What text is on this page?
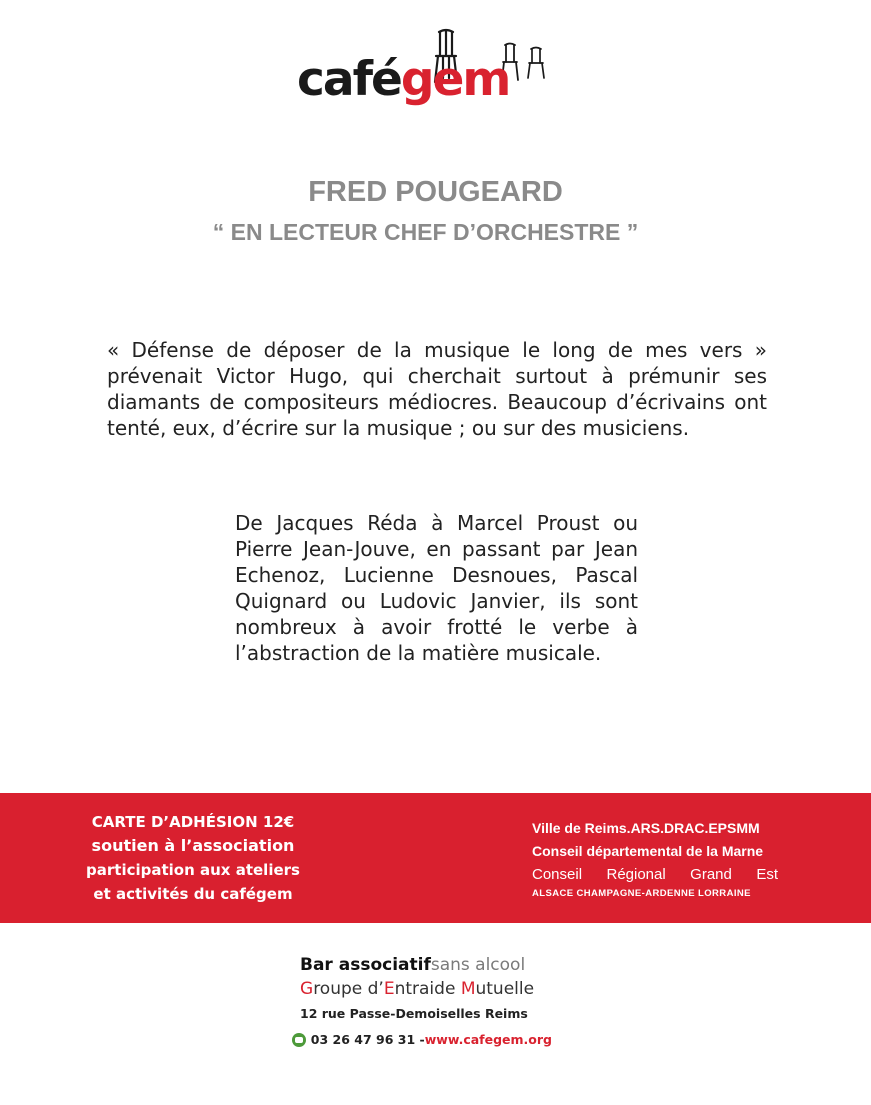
cafégem
FRED POUGEARD
“ EN LECTEUR CHEF D’ORCHESTRE ”
« Défense de déposer de la musique le long de mes vers » prévenait Victor Hugo, qui cherchait surtout à prémunir ses diamants de compositeurs médiocres. Beaucoup d’écrivains ont tenté, eux, d’écrire sur la musique ; ou sur des musiciens.
De Jacques Réda à Marcel Proust ou Pierre Jean-Jouve, en passant par Jean Echenoz, Lucienne Desnoues, Pascal Quignard ou Ludovic Janvier, ils sont nombreux à avoir frotté le verbe à l’abstraction de la matière musicale.
CARTE D’ADHÉSION 12€
soutien à l’association
participation aux ateliers
et activités du cafégem
Ville de Reims.ARS.DRAC.EPSMM
Conseil départemental de la Marne
Conseil Régional Grand Est
ALSACE CHAMPAGNE-ARDENNE LORRAINE
Bar associatifsans alcool
Groupe d’Entraide Mutuelle
12 rue Passe-Demoiselles Reims
03 26 47 96 31 - www.cafegem.org
